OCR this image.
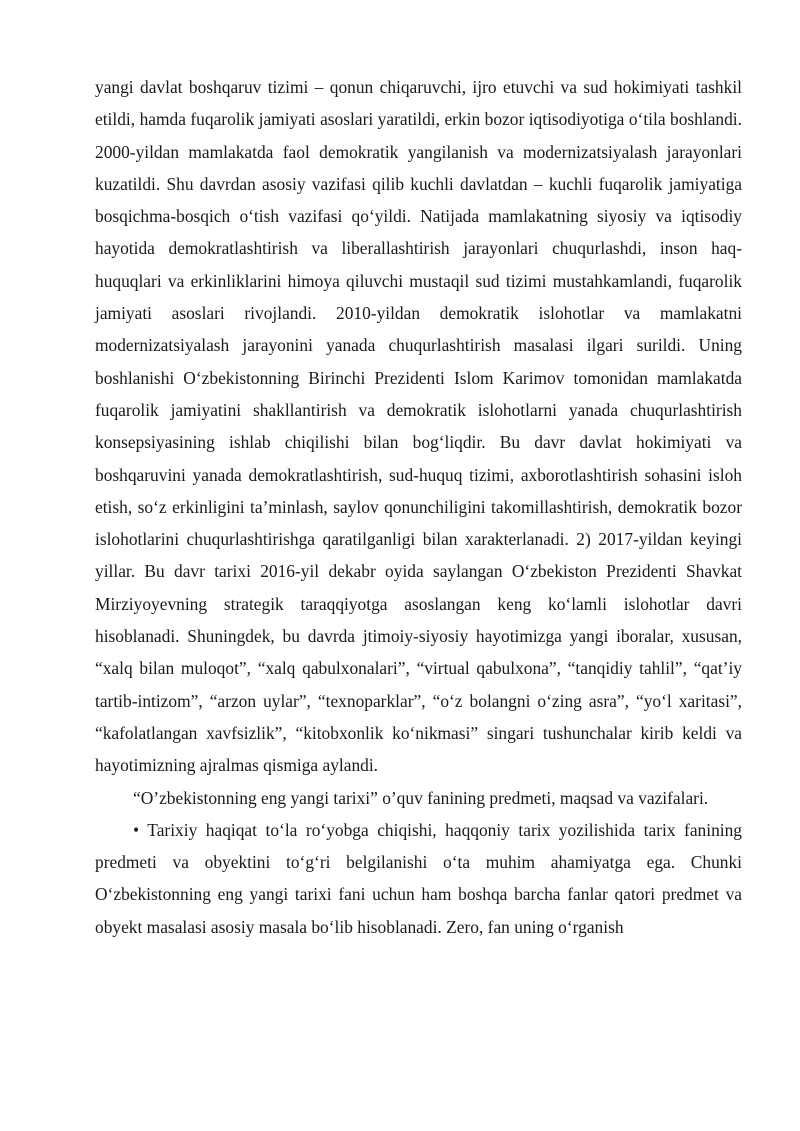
yangi davlat boshqaruv tizimi – qonun chiqaruvchi, ijro etuvchi va sud hokimiyati tashkil etildi, hamda fuqarolik jamiyati asoslari yaratildi, erkin bozor iqtisodiyotiga o‘tila boshlandi. 2000-yildan mamlakatda faol demokratik yangilanish va modernizatsiyalash jarayonlari kuzatildi. Shu davrdan asosiy vazifasi qilib kuchli davlatdan – kuchli fuqarolik jamiyatiga bosqichma-bosqich o‘tish vazifasi qo‘yildi. Natijada mamlakatning siyosiy va iqtisodiy hayotida demokratlashtirish va liberallashtirish jarayonlari chuqurlashdi, inson haq-huquqlari va erkinliklarini himoya qiluvchi mustaqil sud tizimi mustahkamlandi, fuqarolik jamiyati asoslari rivojlandi. 2010-yildan demokratik islohotlar va mamlakatni modernizatsiyalash jarayonini yanada chuqurlashtirish masalasi ilgari surildi. Uning boshlanishi O‘zbekistonning Birinchi Prezidenti Islom Karimov tomonidan mamlakatda fuqarolik jamiyatini shakllantirish va demokratik islohotlarni yanada chuqurlashtirish konsepsiyasining ishlab chiqilishi bilan bog‘liqdir. Bu davr davlat hokimiyati va boshqaruvini yanada demokratlashtirish, sud-huquq tizimi, axborotlashtirish sohasini isloh etish, so‘z erkinligini ta’minlash, saylov qonunchiligini takomillashtirish, demokratik bozor islohotlarini chuqurlashtirishga qaratilganligi bilan xarakterlanadi. 2) 2017-yildan keyingi yillar. Bu davr tarixi 2016-yil dekabr oyida saylangan O‘zbekiston Prezidenti Shavkat Mirziyoyevning strategik taraqqiyotga asoslangan keng ko‘lamli islohotlar davri hisoblanadi. Shuningdek, bu davrda jtimoiy-siyosiy hayotimizga yangi iboralar, xususan, “xalq bilan muloqot”, “xalq qabulxonalari”, “virtual qabulxona”, “tanqidiy tahlil”, “qat’iy tartib-intizom”, “arzon uylar”, “texnoparklar”, “o‘z bolangni o‘zing asra”, “yo‘l xaritasi”, “kafolatlangan xavfsizlik”, “kitobxonlik ko‘nikmasi” singari tushunchalar kirib keldi va hayotimizning ajralmas qismiga aylandi.

“O’zbekistonning eng yangi tarixi” o’quv fanining predmeti, maqsad va vazifalari.

• Tarixiy haqiqat to‘la ro‘yobga chiqishi, haqqoniy tarix yozilishida tarix fanining predmeti va obyektini to‘g‘ri belgilanishi o‘ta muhim ahamiyatga ega. Chunki O‘zbekistonning eng yangi tarixi fani uchun ham boshqa barcha fanlar qatori predmet va obyekt masalasi asosiy masala bo‘lib hisoblanadi. Zero, fan uning o‘rganish
